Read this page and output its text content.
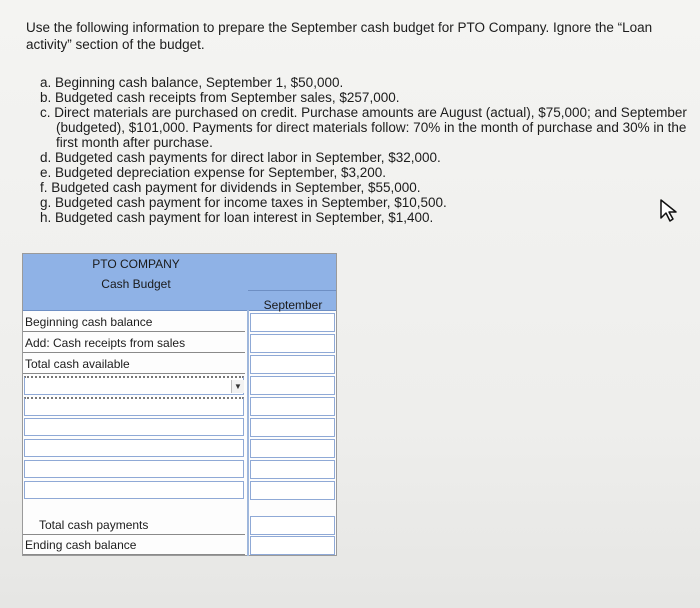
Use the following information to prepare the September cash budget for PTO Company. Ignore the “Loan
activity” section of the budget.
a. Beginning cash balance, September 1, $50,000.
b. Budgeted cash receipts from September sales, $257,000.
c. Direct materials are purchased on credit. Purchase amounts are August (actual), $75,000; and September
(budgeted), $101,000. Payments for direct materials follow: 70% in the month of purchase and 30% in the
first month after purchase.
d. Budgeted cash payments for direct labor in September, $32,000.
e. Budgeted depreciation expense for September, $3,200.
f. Budgeted cash payment for dividends in September, $55,000.
g. Budgeted cash payment for income taxes in September, $10,500.
h. Budgeted cash payment for loan interest in September, $1,400.
PTO COMPANY
Cash Budget
September
Beginning cash balance
Add: Cash receipts from sales
Total cash available
▼
Total cash payments
Ending cash balance
